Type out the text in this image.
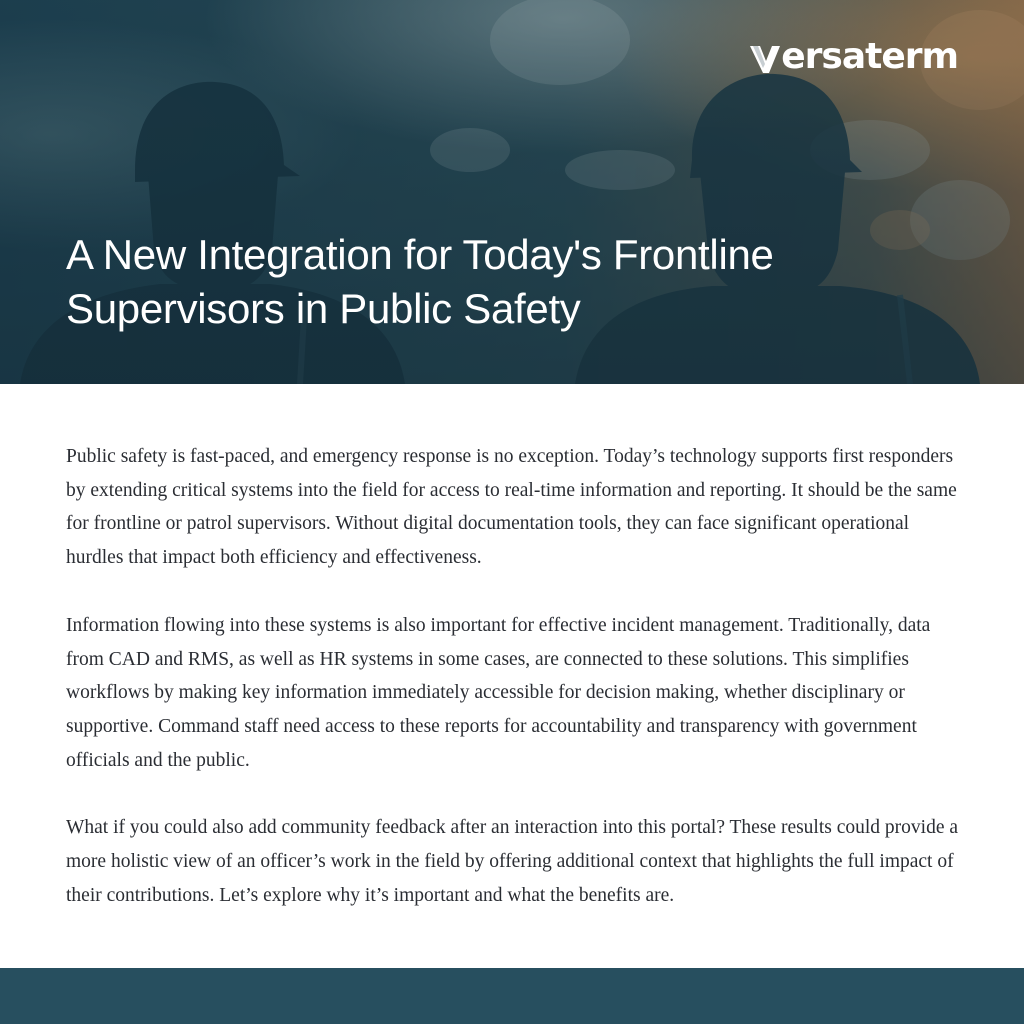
ersaterm
A New Integration for Today's Frontline
Supervisors in Public Safety

Public safety is fast-paced, and emergency response is no exception. Today’s technology supports first responders by extending critical systems into the field for access to real-time information and reporting. It should be the same for frontline or patrol supervisors. Without digital documentation tools, they can face significant operational hurdles that impact both efficiency and effectiveness.

Information flowing into these systems is also important for effective incident management. Traditionally, data from CAD and RMS, as well as HR systems in some cases, are connected to these solutions. This simplifies workflows by making key information immediately accessible for decision making, whether disciplinary or supportive. Command staff need access to these reports for accountability and transparency with government officials and the public.

What if you could also add community feedback after an interaction into this portal? These results could provide a more holistic view of an officer’s work in the field by offering additional context that highlights the full impact of their contributions. Let’s explore why it’s important and what the benefits are.
